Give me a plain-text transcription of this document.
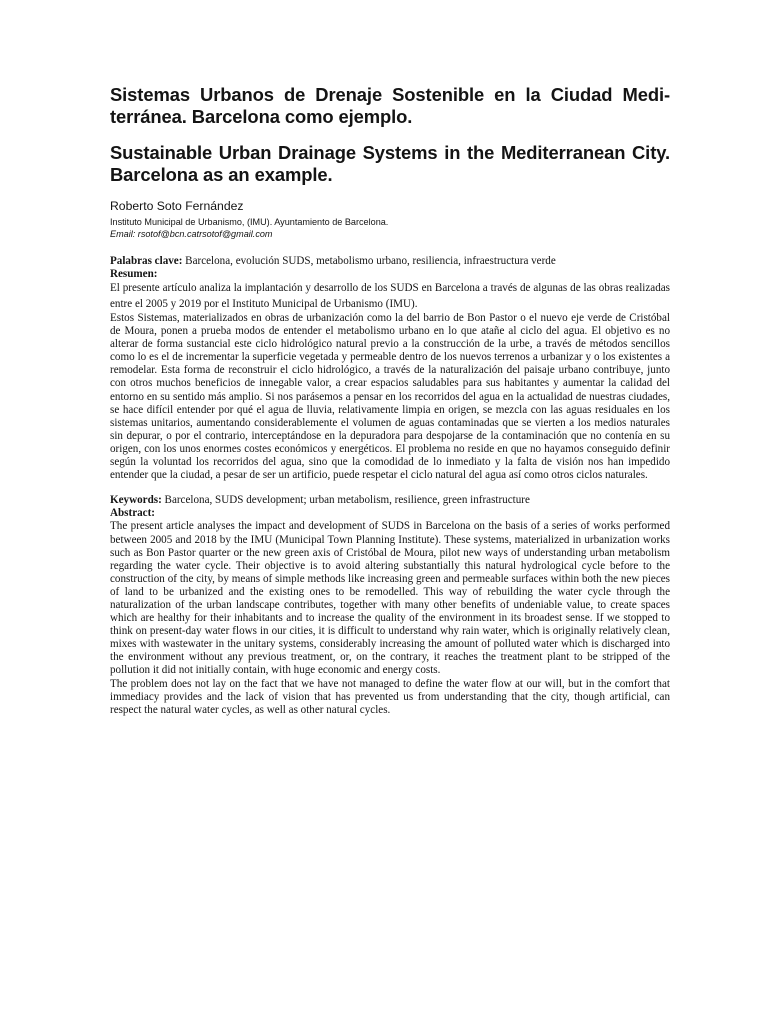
Sistemas Urbanos de Drenaje Sostenible en la Ciudad Medi-terránea. Barcelona como ejemplo.
Sustainable Urban Drainage Systems in the Mediterranean City. Barcelona as an example.

Roberto Soto Fernández

Instituto Municipal de Urbanismo, (IMU). Ayuntamiento de Barcelona.

Email: rsotof@bcn.catrsotof@gmail.com

Palabras clave: Barcelona, evolución SUDS, metabolismo urbano, resiliencia, infraestructura verde

Resumen:

El presente artículo analiza la implantación y desarrollo de los SUDS en Barcelona a través de algunas de las obras realizadas entre el 2005 y 2019 por el Instituto Municipal de Urbanismo (IMU).

Estos Sistemas, materializados en obras de urbanización como la del barrio de Bon Pastor o el nuevo eje verde de Cristóbal de Moura, ponen a prueba modos de entender el metabolismo urbano en lo que atañe al ciclo del agua. El objetivo es no alterar de forma sustancial este ciclo hidrológico natural previo a la construcción de la urbe, a través de métodos sencillos como lo es el de incrementar la superficie vegetada y permeable dentro de los nuevos terrenos a urbanizar y o los existentes a remodelar. Esta forma de reconstruir el ciclo hidrológico, a través de la naturalización del paisaje urbano contribuye, junto con otros muchos beneficios de innegable valor, a crear espacios saludables para sus habitantes y aumentar la calidad del entorno en su sentido más amplio. Si nos parásemos a pensar en los recorridos del agua en la actualidad de nuestras ciudades, se hace difícil entender por qué el agua de lluvia, relativamente limpia en origen, se mezcla con las aguas residuales en los sistemas unitarios, aumentando considerablemente el volumen de aguas contaminadas que se vierten a los medios naturales sin depurar, o por el contrario, interceptándose en la depuradora para despojarse de la contaminación que no contenía en su origen, con los unos enormes costes económicos y energéticos. El problema no reside en que no hayamos conseguido definir según la voluntad los recorridos del agua, sino que la comodidad de lo inmediato y la falta de visión nos han impedido entender que la ciudad, a pesar de ser un artificio, puede respetar el ciclo natural del agua así como otros ciclos naturales.

Keywords: Barcelona, SUDS development; urban metabolism, resilience, green infrastructure

Abstract:

The present article analyses the impact and development of SUDS in Barcelona on the basis of a series of works performed between 2005 and 2018 by the IMU (Municipal Town Planning Institute). These systems, materialized in urbanization works such as Bon Pastor quarter or the new green axis of Cristóbal de Moura, pilot new ways of understanding urban metabolism regarding the water cycle. Their objective is to avoid altering substantially this natural hydrological cycle before to the construction of the city, by means of simple methods like increasing green and permeable surfaces within both the new pieces of land to be urbanized and the existing ones to be remodelled. This way of rebuilding the water cycle through the naturalization of the urban landscape contributes, together with many other benefits of undeniable value, to create spaces which are healthy for their inhabitants and to increase the quality of the environment in its broadest sense. If we stopped to think on present-day water flows in our cities, it is difficult to understand why rain water, which is originally relatively clean, mixes with wastewater in the unitary systems, considerably increasing the amount of polluted water which is discharged into the environment without any previous treatment, or, on the contrary, it reaches the treatment plant to be stripped of the pollution it did not initially contain, with huge economic and energy costs.

The problem does not lay on the fact that we have not managed to define the water flow at our will, but in the comfort that immediacy provides and the lack of vision that has prevented us from understanding that the city, though artificial, can respect the natural water cycles, as well as other natural cycles.
